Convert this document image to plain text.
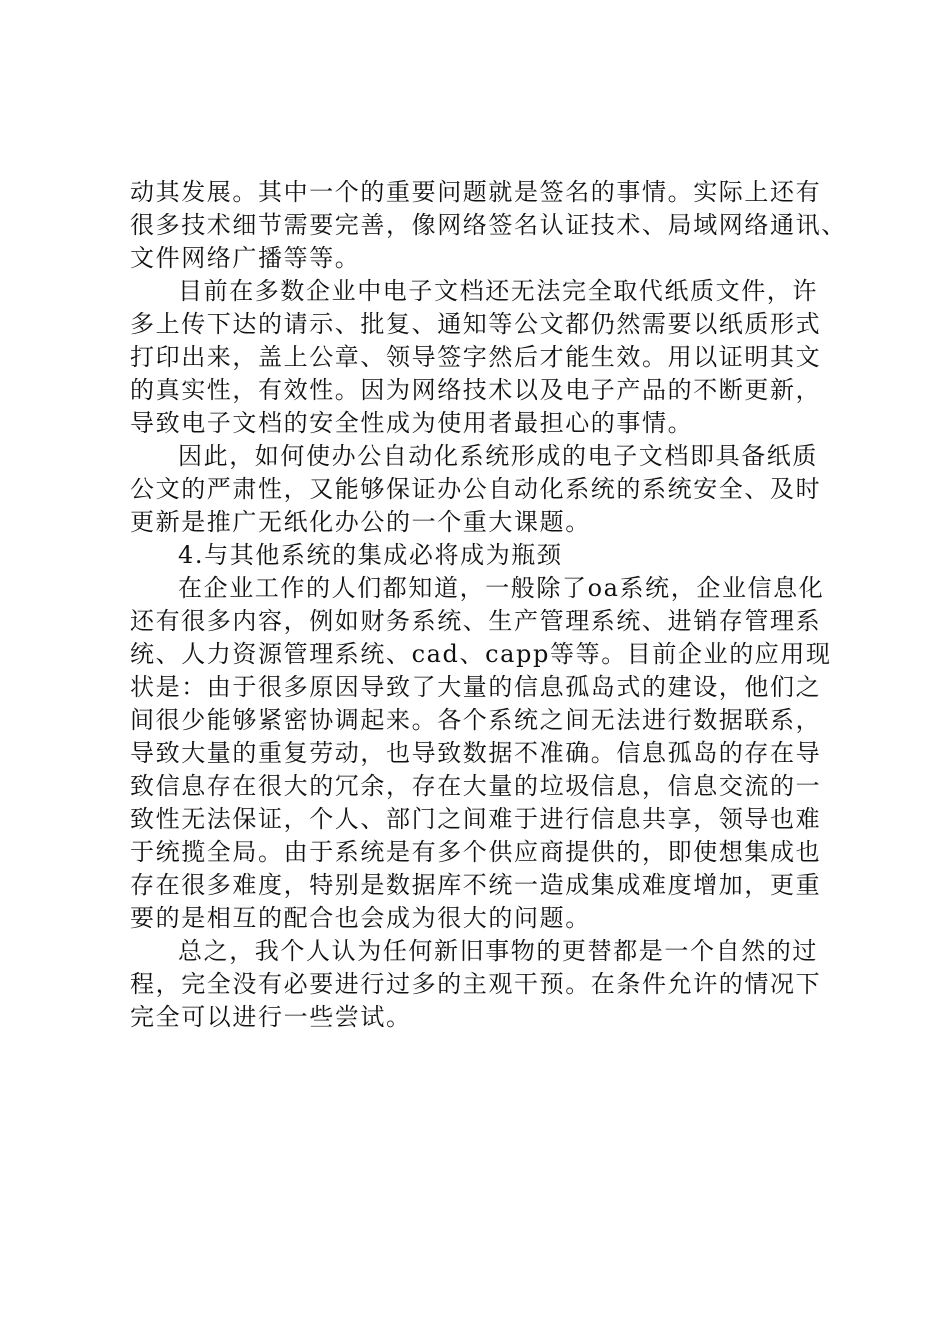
动其发展。其中一个的重要问题就是签名的事情。实际上还有
很多技术细节需要完善，像网络签名认证技术、局域网络通讯、
文件网络广播等等。
目前在多数企业中电子文档还无法完全取代纸质文件，许
多上传下达的请示、批复、通知等公文都仍然需要以纸质形式
打印出来，盖上公章、领导签字然后才能生效。用以证明其文
的真实性，有效性。因为网络技术以及电子产品的不断更新，
导致电子文档的安全性成为使用者最担心的事情。
因此，如何使办公自动化系统形成的电子文档即具备纸质
公文的严肃性，又能够保证办公自动化系统的系统安全、及时
更新是推广无纸化办公的一个重大课题。
4.与其他系统的集成必将成为瓶颈
在企业工作的人们都知道，一般除了oa系统，企业信息化
还有很多内容，例如财务系统、生产管理系统、进销存管理系
统、人力资源管理系统、cad、capp等等。目前企业的应用现
状是：由于很多原因导致了大量的信息孤岛式的建设，他们之
间很少能够紧密协调起来。各个系统之间无法进行数据联系，
导致大量的重复劳动，也导致数据不准确。信息孤岛的存在导
致信息存在很大的冗余，存在大量的垃圾信息，信息交流的一
致性无法保证，个人、部门之间难于进行信息共享，领导也难
于统揽全局。由于系统是有多个供应商提供的，即使想集成也
存在很多难度，特别是数据库不统一造成集成难度增加，更重
要的是相互的配合也会成为很大的问题。
总之，我个人认为任何新旧事物的更替都是一个自然的过
程，完全没有必要进行过多的主观干预。在条件允许的情况下
完全可以进行一些尝试。
